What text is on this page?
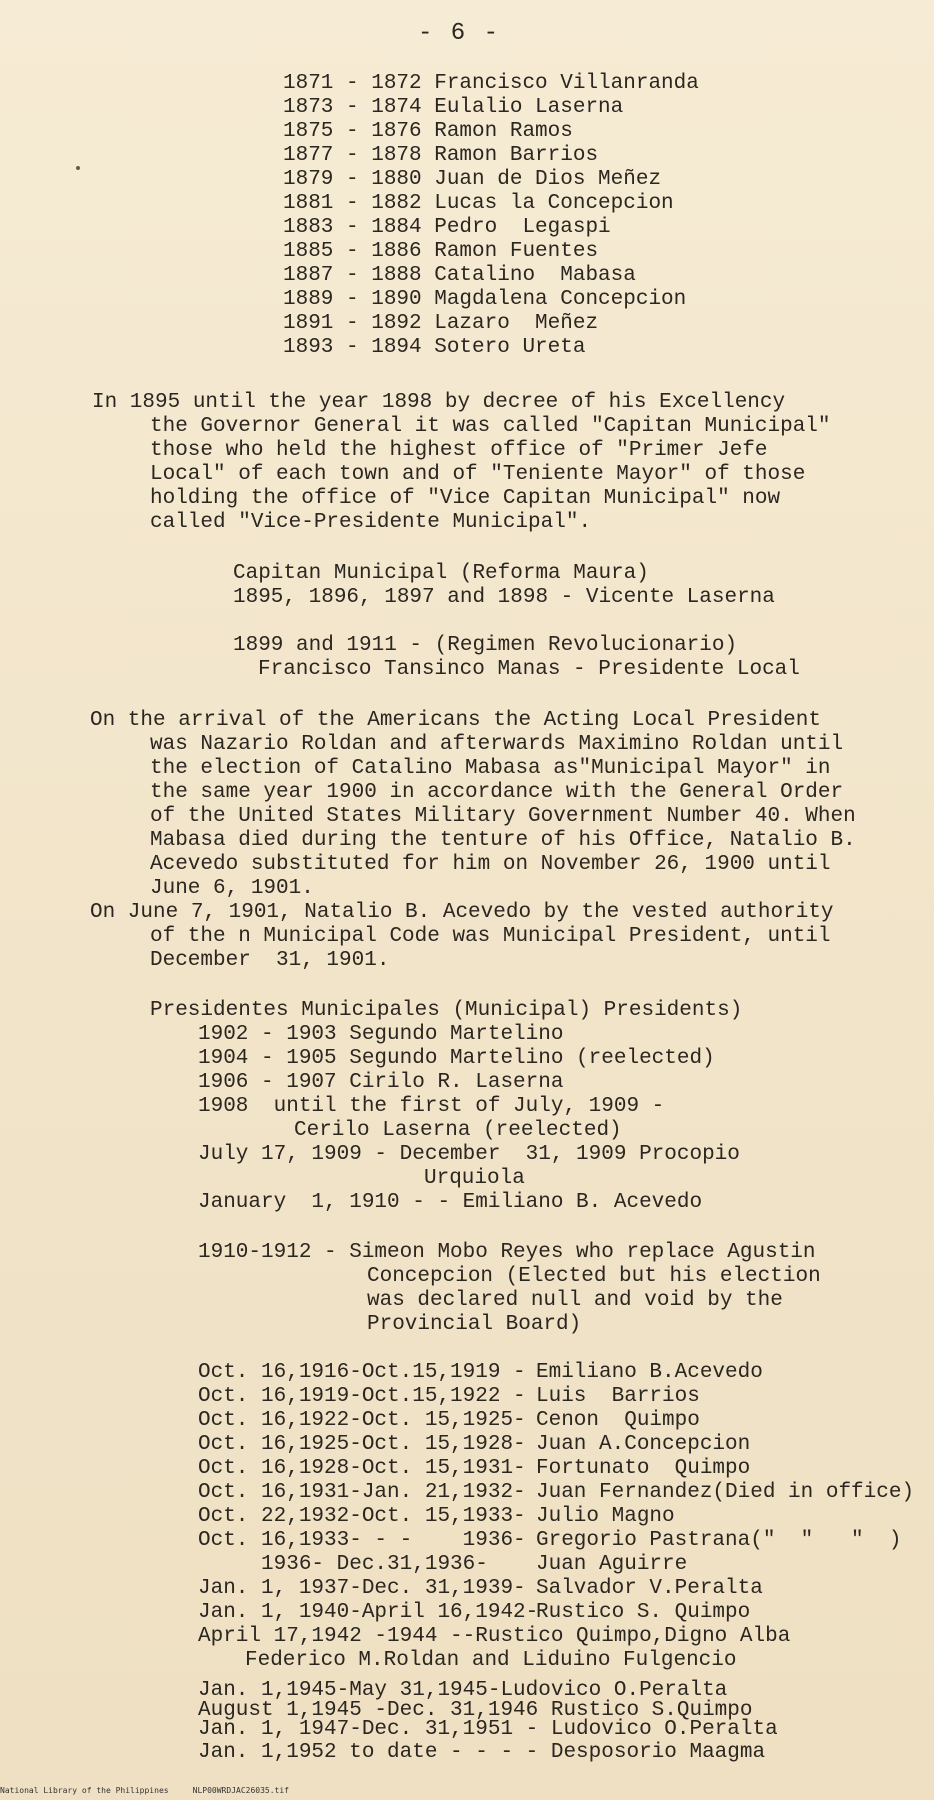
- 6 -
1871 - 1872 Francisco Villanranda
1873 - 1874 Eulalio Laserna
1875 - 1876 Ramon Ramos
1877 - 1878 Ramon Barrios
1879 - 1880 Juan de Dios Meñez
1881 - 1882 Lucas la Concepcion
1883 - 1884 Pedro  Legaspi
1885 - 1886 Ramon Fuentes
1887 - 1888 Catalino  Mabasa
1889 - 1890 Magdalena Concepcion
1891 - 1892 Lazaro  Meñez
1893 - 1894 Sotero Ureta
In 1895 until the year 1898 by decree of his Excellency
the Governor General it was called "Capitan Municipal"
those who held the highest office of "Primer Jefe
Local" of each town and of "Teniente Mayor" of those
holding the office of "Vice Capitan Municipal" now
called "Vice-Presidente Municipal".
Capitan Municipal (Reforma Maura)
1895, 1896, 1897 and 1898 - Vicente Laserna
1899 and 1911 - (Regimen Revolucionario)
Francisco Tansinco Manas - Presidente Local
On the arrival of the Americans the Acting Local President
was Nazario Roldan and afterwards Maximino Roldan until
the election of Catalino Mabasa as"Municipal Mayor" in
the same year 1900 in accordance with the General Order
of the United States Military Government Number 40. When
Mabasa died during the tenture of his Office, Natalio B.
Acevedo substituted for him on November 26, 1900 until
June 6, 1901.
On June 7, 1901, Natalio B. Acevedo by the vested authority
of the n Municipal Code was Municipal President, until
December  31, 1901.
Presidentes Municipales (Municipal) Presidents)
1902 - 1903 Segundo Martelino
1904 - 1905 Segundo Martelino (reelected)
1906 - 1907 Cirilo R. Laserna
1908  until the first of July, 1909 -
Cerilo Laserna (reelected)
July 17, 1909 - December  31, 1909 Procopio
Urquiola
January  1, 1910 - - Emiliano B. Acevedo
1910-1912 - Simeon Mobo Reyes who replace Agustin
Concepcion (Elected but his election
was declared null and void by the
Provincial Board)
Oct. 16,1916-Oct.15,1919 - Emiliano B.Acevedo
Oct. 16,1919-Oct.15,1922 - Luis  Barrios
Oct. 16,1922-Oct. 15,1925- Cenon  Quimpo
Oct. 16,1925-Oct. 15,1928- Juan A.Concepcion
Oct. 16,1928-Oct. 15,1931- Fortunato  Quimpo
Oct. 16,1931-Jan. 21,1932- Juan Fernandez(Died in office)
Oct. 22,1932-Oct. 15,1933- Julio Magno
Oct. 16,1933- - -    1936- Gregorio Pastrana("  "   "  )
1936- Dec.31,1936- Juan Aguirre
Jan. 1, 1937-Dec. 31,1939- Salvador V.Peralta
Jan. 1, 1940-April 16,1942-
Rustico S. Quimpo
April 17,1942 -1944 --Rustico Quimpo,Digno Alba
Federico M.Roldan and Liduino Fulgencio
Jan. 1,1945-May 31,1945-Ludovico O.Peralta
August 1,1945 -Dec. 31,1946 Rustico S.Quimpo
Jan. 1, 1947-Dec. 31,1951 - Ludovico O.Peralta
Jan. 1,1952 to date - - - - Desposorio Maagma
National Library of the Philippines     NLP00WRDJAC26035.tif
